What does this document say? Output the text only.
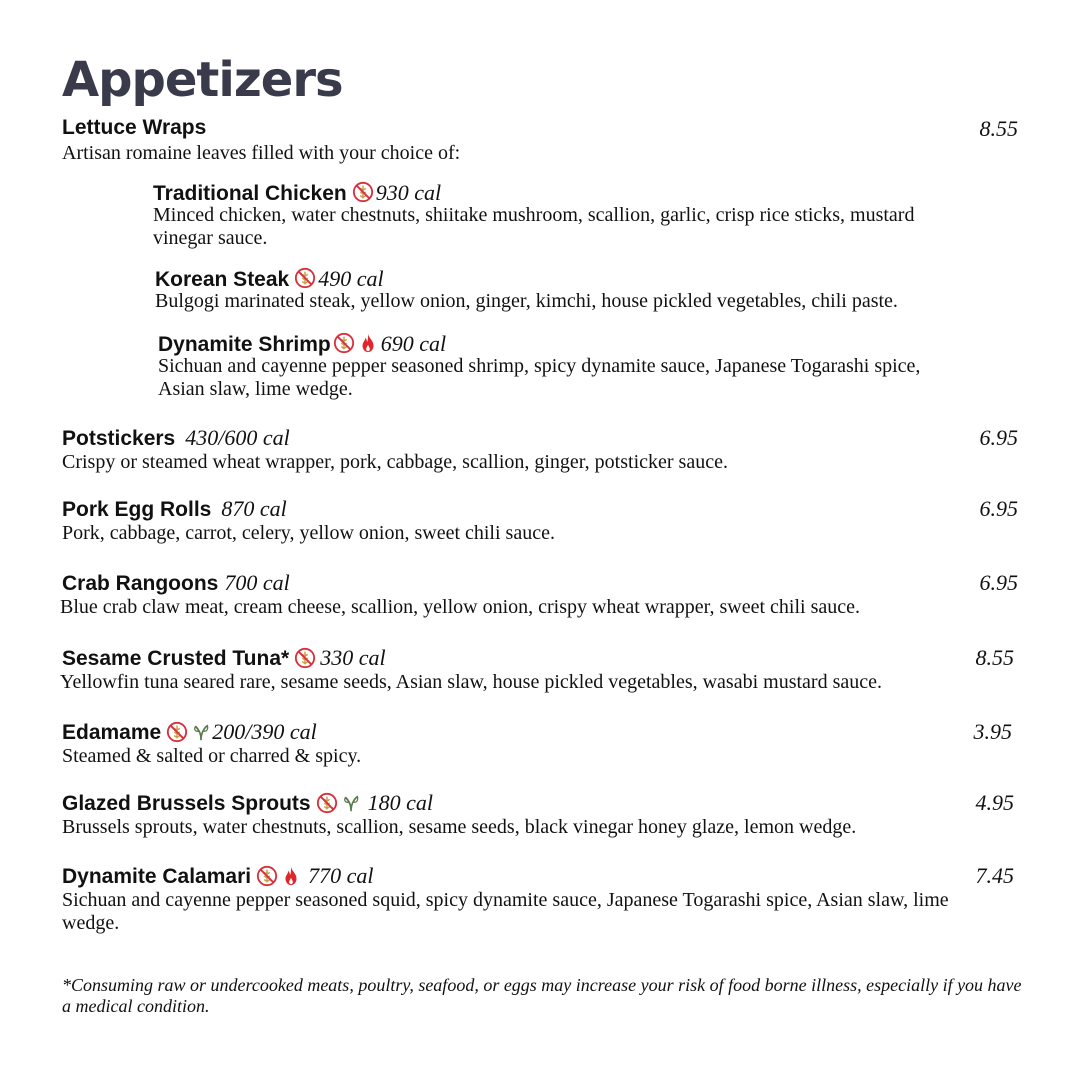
Appetizers
Lettuce Wraps	8.55

Artisan romaine leaves filled with your choice of:

Traditional Chicken 930 cal

Minced chicken, water chestnuts, shiitake mushroom, scallion, garlic, crisp rice sticks, mustard vinegar sauce.

Korean Steak 490 cal

Bulgogi marinated steak, yellow onion, ginger, kimchi, house pickled vegetables, chili paste.

Dynamite Shrimp 690 cal

Sichuan and cayenne pepper seasoned shrimp, spicy dynamite sauce, Japanese Togarashi spice, Asian slaw, lime wedge.

Potstickers 430/600 cal	6.95

Crispy or steamed wheat wrapper, pork, cabbage, scallion, ginger, potsticker sauce.

Pork Egg Rolls 870 cal	6.95

Pork, cabbage, carrot, celery, yellow onion, sweet chili sauce.

Crab Rangoons 700 cal	6.95

Blue crab claw meat, cream cheese, scallion, yellow onion, crispy wheat wrapper, sweet chili sauce.

Sesame Crusted Tuna* 330 cal	8.55

Yellowfin tuna seared rare, sesame seeds, Asian slaw, house pickled vegetables, wasabi mustard sauce.

Edamame 200/390 cal	3.95

Steamed & salted or charred & spicy.

Glazed Brussels Sprouts	180 cal	4.95

Brussels sprouts, water chestnuts, scallion, sesame seeds, black vinegar honey glaze, lemon wedge.

Dynamite Calamari	770 cal	7.45

Sichuan and cayenne pepper seasoned squid, spicy dynamite sauce, Japanese Togarashi spice, Asian slaw, lime wedge.

*Consuming raw or undercooked meats, poultry, seafood, or eggs may increase your risk of food borne illness, especially if you have a medical condition.
